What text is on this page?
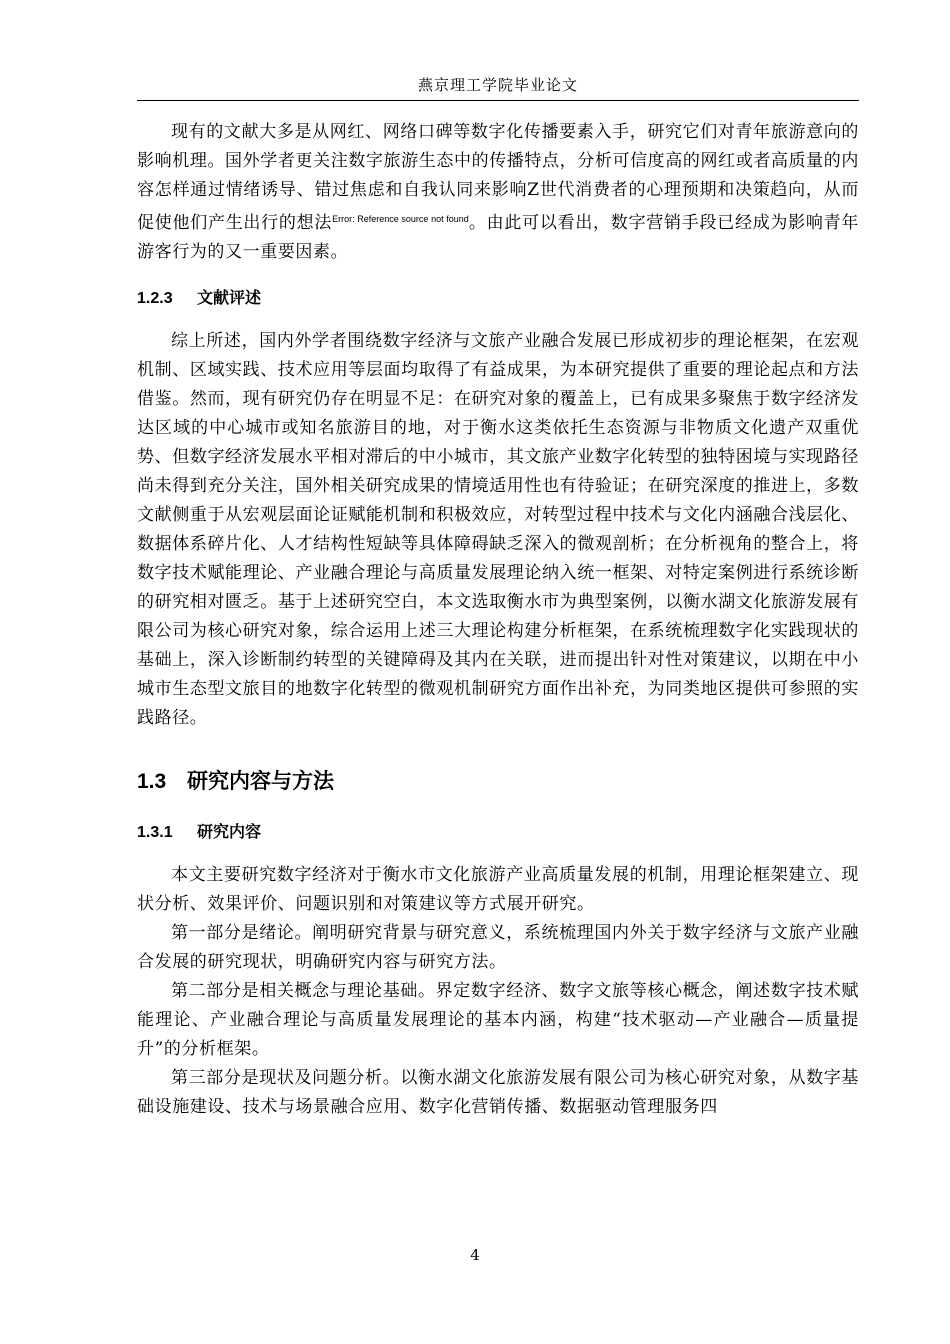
燕京理工学院毕业论文

现有的文献大多是从网红、网络口碑等数字化传播要素入手，研究它们对青年旅游意向的影响机理。国外学者更关注数字旅游生态中的传播特点，分析可信度高的网红或者高质量的内容怎样通过情绪诱导、错过焦虑和自我认同来影响Z世代消费者的心理预期和决策趋向，从而促使他们产生出行的想法$^{Error: Reference source not found}$。由此可以看出，数字营销手段已经成为影响青年游客行为的又一重要因素。

1.2.3 文献评述

综上所述，国内外学者围绕数字经济与文旅产业融合发展已形成初步的理论框架，在宏观机制、区域实践、技术应用等层面均取得了有益成果，为本研究提供了重要的理论起点和方法借鉴。然而，现有研究仍存在明显不足：在研究对象的覆盖上，已有成果多聚焦于数字经济发达区域的中心城市或知名旅游目的地，对于衡水这类依托生态资源与非物质文化遗产双重优势、但数字经济发展水平相对滞后的中小城市，其文旅产业数字化转型的独特困境与实现路径尚未得到充分关注，国外相关研究成果的情境适用性也有待验证；在研究深度的推进上，多数文献侧重于从宏观层面论证赋能机制和积极效应，对转型过程中技术与文化内涵融合浅层化、数据体系碎片化、人才结构性短缺等具体障碍缺乏深入的微观剖析；在分析视角的整合上，将数字技术赋能理论、产业融合理论与高质量发展理论纳入统一框架、对特定案例进行系统诊断的研究相对匮乏。基于上述研究空白，本文选取衡水市为典型案例，以衡水湖文化旅游发展有限公司为核心研究对象，综合运用上述三大理论构建分析框架，在系统梳理数字化实践现状的基础上，深入诊断制约转型的关键障碍及其内在关联，进而提出针对性对策建议，以期在中小城市生态型文旅目的地数字化转型的微观机制研究方面作出补充，为同类地区提供可参照的实践路径。

1.3 研究内容与方法
1.3.1 研究内容

本文主要研究数字经济对于衡水市文化旅游产业高质量发展的机制，用理论框架建立、现状分析、效果评价、问题识别和对策建议等方式展开研究。

第一部分是绪论。阐明研究背景与研究意义，系统梳理国内外关于数字经济与文旅产业融合发展的研究现状，明确研究内容与研究方法。

第二部分是相关概念与理论基础。界定数字经济、数字文旅等核心概念，阐述数字技术赋能理论、产业融合理论与高质量发展理论的基本内涵，构建“技术驱动—产业融合—质量提升”的分析框架。

第三部分是现状及问题分析。以衡水湖文化旅游发展有限公司为核心研究对象，从数字基础设施建设、技术与场景融合应用、数字化营销传播、数据驱动管理服务四

4
